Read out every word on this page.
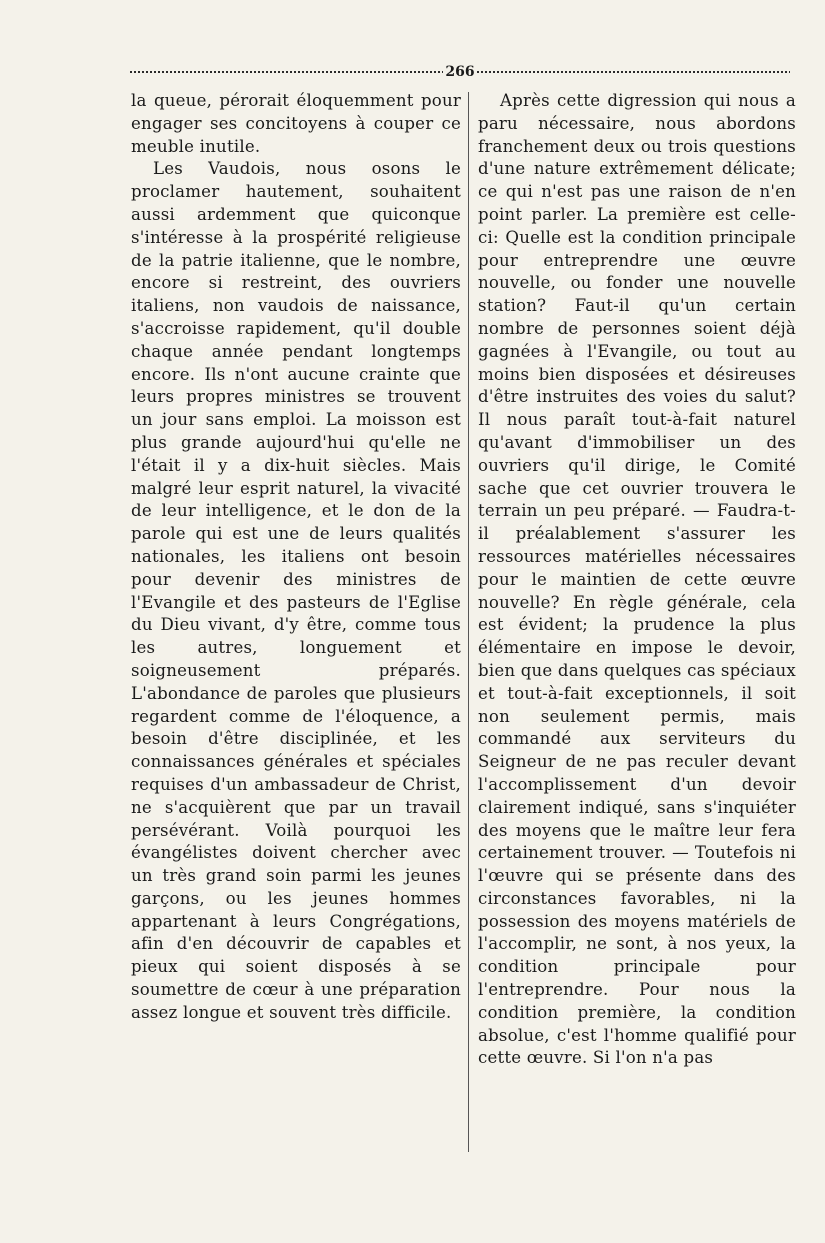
266

la queue, pérorait éloquemment pour engager ses concitoyens à couper ce meuble inutile.

Les Vaudois, nous osons le proclamer hautement, souhaitent aussi ardemment que quiconque s'intéresse à la prospérité religieuse de la patrie italienne, que le nombre, encore si restreint, des ouvriers italiens, non vaudois de naissance, s'accroisse rapidement, qu'il double chaque année pendant longtemps encore. Ils n'ont aucune crainte que leurs propres ministres se trouvent un jour sans emploi. La moisson est plus grande aujourd'hui qu'elle ne l'était il y a dix-huit siècles. Mais malgré leur esprit naturel, la vivacité de leur intelligence, et le don de la parole qui est une de leurs qualités nationales, les italiens ont besoin pour devenir des ministres de l'Evangile et des pasteurs de l'Eglise du Dieu vivant, d'y être, comme tous les autres, longuement et soigneusement préparés. L'abondance de paroles que plusieurs regardent comme de l'éloquence, a besoin d'être disciplinée, et les connaissances générales et spéciales requises d'un ambassadeur de Christ, ne s'acquièrent que par un travail persévérant. Voilà pourquoi les évangélistes doivent chercher avec un très grand soin parmi les jeunes garçons, ou les jeunes hommes appartenant à leurs Congrégations, afin d'en découvrir de capables et pieux qui soient disposés à se soumettre de cœur à une préparation assez longue et souvent très difficile.

Après cette digression qui nous a paru nécessaire, nous abordons franchement deux ou trois questions d'une nature extrêmement délicate; ce qui n'est pas une raison de n'en point parler. La première est celle-ci: Quelle est la condition principale pour entreprendre une œuvre nouvelle, ou fonder une nouvelle station? Faut-il qu'un certain nombre de personnes soient déjà gagnées à l'Evangile, ou tout au moins bien disposées et désireuses d'être instruites des voies du salut? Il nous paraît tout-à-fait naturel qu'avant d'immobiliser un des ouvriers qu'il dirige, le Comité sache que cet ouvrier trouvera le terrain un peu préparé. — Faudra-t-il préalablement s'assurer les ressources matérielles nécessaires pour le maintien de cette œuvre nouvelle? En règle générale, cela est évident; la prudence la plus élémentaire en impose le devoir, bien que dans quelques cas spéciaux et tout-à-fait exceptionnels, il soit non seulement permis, mais commandé aux serviteurs du Seigneur de ne pas reculer devant l'accomplissement d'un devoir clairement indiqué, sans s'inquiéter des moyens que le maître leur fera certainement trouver. — Toutefois ni l'œuvre qui se présente dans des circonstances favorables, ni la possession des moyens matériels de l'accomplir, ne sont, à nos yeux, la condition principale pour l'entreprendre. Pour nous la condition première, la condition absolue, c'est l'homme qualifié pour cette œuvre. Si l'on n'a pas
